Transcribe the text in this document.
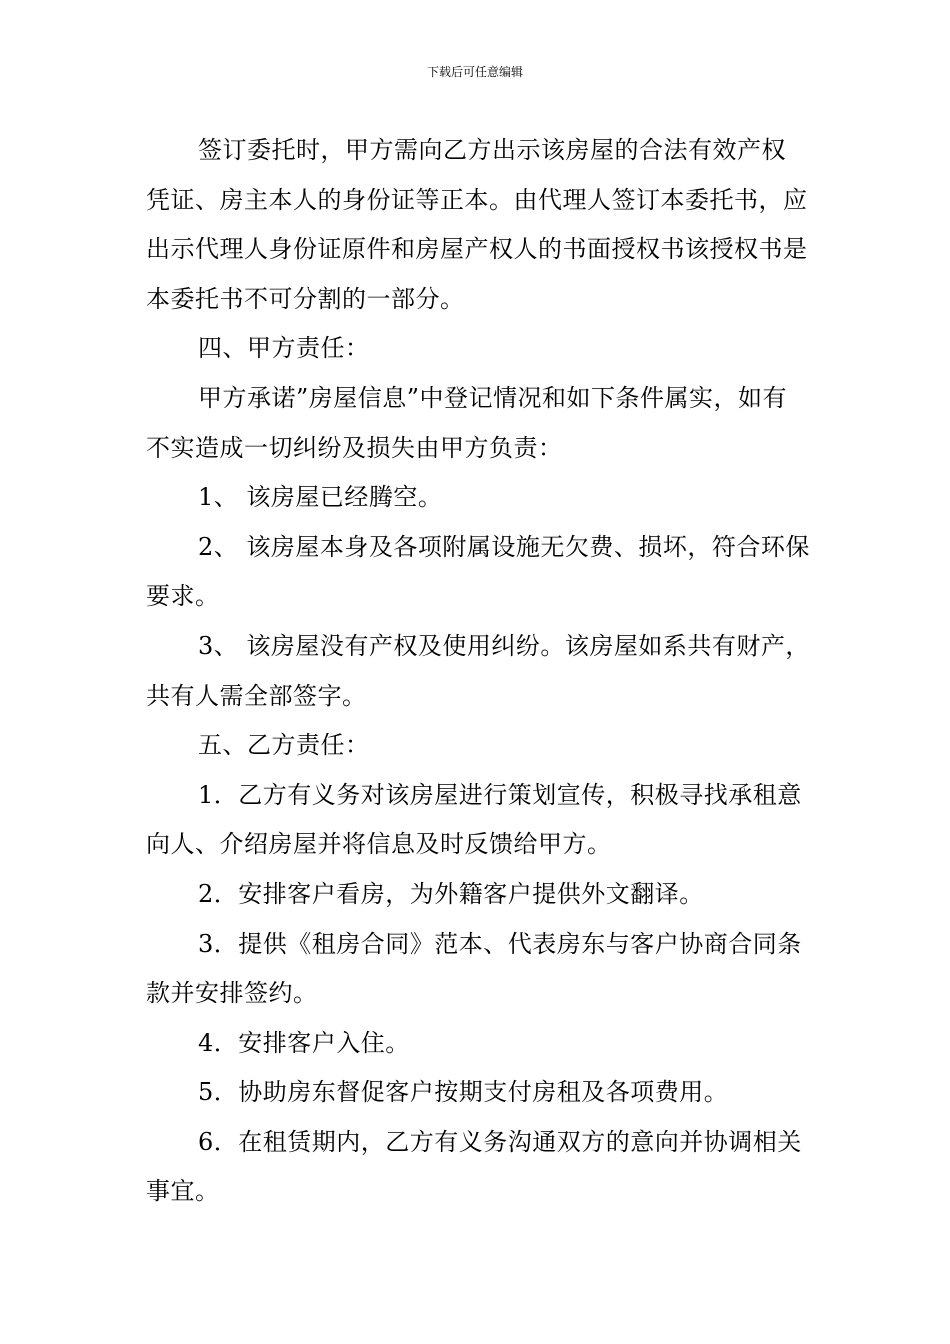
下载后可任意编辑

签订委托时，甲方需向乙方出示该房屋的合法有效产权凭证、房主本人的身份证等正本。由代理人签订本委托书，应出示代理人身份证原件和房屋产权人的书面授权书该授权书是本委托书不可分割的一部分。

四、甲方责任：

甲方承诺”房屋信息”中登记情况和如下条件属实，如有不实造成一切纠纷及损失由甲方负责：

1、 该房屋已经腾空。

2、 该房屋本身及各项附属设施无欠费、损坏，符合环保要求。

3、 该房屋没有产权及使用纠纷。该房屋如系共有财产，共有人需全部签字。

五、乙方责任：

1．乙方有义务对该房屋进行策划宣传，积极寻找承租意向人、介绍房屋并将信息及时反馈给甲方。

2．安排客户看房，为外籍客户提供外文翻译。

3．提供《租房合同》范本、代表房东与客户协商合同条款并安排签约。

4．安排客户入住。

5．协助房东督促客户按期支付房租及各项费用。

6．在租赁期内，乙方有义务沟通双方的意向并协调相关事宜。
